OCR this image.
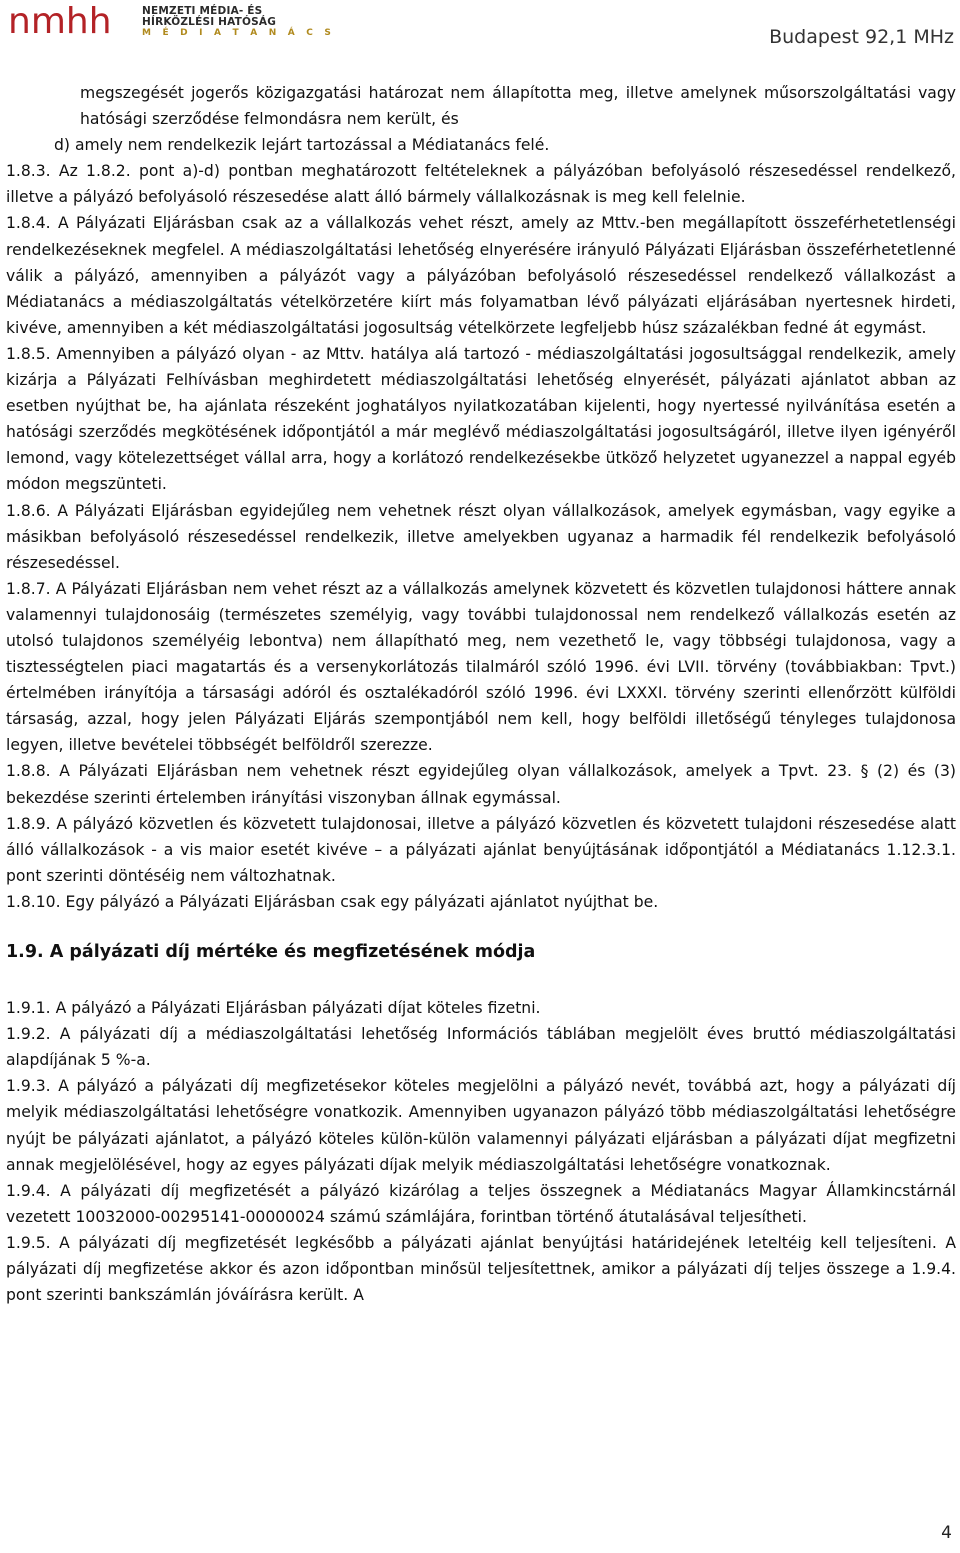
nmhh	NEMZETI MÉDIA- ÉS
HÍRKÖZLÉSI HATÓSÁG
M É D I A T A N Á C S	Budapest 92,1 MHz

megszegését jogerős közigazgatási határozat nem állapította meg, illetve amelynek műsorszolgáltatási vagy hatósági szerződése felmondásra nem került, és

d) amely nem rendelkezik lejárt tartozással a Médiatanács felé.

1.8.3. Az 1.8.2. pont a)-d) pontban meghatározott feltételeknek a pályázóban befolyásoló részesedéssel rendelkező, illetve a pályázó befolyásoló részesedése alatt álló bármely vállalkozásnak is meg kell felelnie.

1.8.4. A Pályázati Eljárásban csak az a vállalkozás vehet részt, amely az Mttv.-ben megállapított összeférhetetlenségi rendelkezéseknek megfelel. A médiaszolgáltatási lehetőség elnyerésére irányuló Pályázati Eljárásban összeférhetetlenné válik a pályázó, amennyiben a pályázót vagy a pályázóban befolyásoló részesedéssel rendelkező vállalkozást a Médiatanács a médiaszolgáltatás vételkörzetére kiírt más folyamatban lévő pályázati eljárásában nyertesnek hirdeti, kivéve, amennyiben a két médiaszolgáltatási jogosultság vételkörzete legfeljebb húsz százalékban fedné át egymást.

1.8.5. Amennyiben a pályázó olyan - az Mttv. hatálya alá tartozó - médiaszolgáltatási jogosultsággal rendelkezik, amely kizárja a Pályázati Felhívásban meghirdetett médiaszolgáltatási lehetőség elnyerését, pályázati ajánlatot abban az esetben nyújthat be, ha ajánlata részeként joghatályos nyilatkozatában kijelenti, hogy nyertessé nyilvánítása esetén a hatósági szerződés megkötésének időpontjától a már meglévő médiaszolgáltatási jogosultságáról, illetve ilyen igényéről lemond, vagy kötelezettséget vállal arra, hogy a korlátozó rendelkezésekbe ütköző helyzetet ugyanezzel a nappal egyéb módon megszünteti.

1.8.6. A Pályázati Eljárásban egyidejűleg nem vehetnek részt olyan vállalkozások, amelyek egymásban, vagy egyike a másikban befolyásoló részesedéssel rendelkezik, illetve amelyekben ugyanaz a harmadik fél rendelkezik befolyásoló részesedéssel.

1.8.7. A Pályázati Eljárásban nem vehet részt az a vállalkozás amelynek közvetett és közvetlen tulajdonosi háttere annak valamennyi tulajdonosáig (természetes személyig, vagy további tulajdonossal nem rendelkező vállalkozás esetén az utolsó tulajdonos személyéig lebontva) nem állapítható meg, nem vezethető le, vagy többségi tulajdonosa, vagy a tisztességtelen piaci magatartás és a versenykorlátozás tilalmáról szóló 1996. évi LVII. törvény (továbbiakban: Tpvt.) értelmében irányítója a társasági adóról és osztalékadóról szóló 1996. évi LXXXI. törvény szerinti ellenőrzött külföldi társaság, azzal, hogy jelen Pályázati Eljárás szempontjából nem kell, hogy belföldi illetőségű tényleges tulajdonosa legyen, illetve bevételei többségét belföldről szerezze.

1.8.8. A Pályázati Eljárásban nem vehetnek részt egyidejűleg olyan vállalkozások, amelyek a Tpvt. 23. § (2) és (3) bekezdése szerinti értelemben irányítási viszonyban állnak egymással.

1.8.9. A pályázó közvetlen és közvetett tulajdonosai, illetve a pályázó közvetlen és közvetett tulajdoni részesedése alatt álló vállalkozások - a vis maior esetét kivéve – a pályázati ajánlat benyújtásának időpontjától a Médiatanács 1.12.3.1. pont szerinti döntéséig nem változhatnak.

1.8.10. Egy pályázó a Pályázati Eljárásban csak egy pályázati ajánlatot nyújthat be.

1.9. A pályázati díj mértéke és megfizetésének módja

1.9.1. A pályázó a Pályázati Eljárásban pályázati díjat köteles fizetni.

1.9.2. A pályázati díj a médiaszolgáltatási lehetőség Információs táblában megjelölt éves bruttó médiaszolgáltatási alapdíjának 5 %-a.

1.9.3. A pályázó a pályázati díj megfizetésekor köteles megjelölni a pályázó nevét, továbbá azt, hogy a pályázati díj melyik médiaszolgáltatási lehetőségre vonatkozik. Amennyiben ugyanazon pályázó több médiaszolgáltatási lehetőségre nyújt be pályázati ajánlatot, a pályázó köteles külön-külön valamennyi pályázati eljárásban a pályázati díjat megfizetni annak megjelölésével, hogy az egyes pályázati díjak melyik médiaszolgáltatási lehetőségre vonatkoznak.

1.9.4. A pályázati díj megfizetését a pályázó kizárólag a teljes összegnek a Médiatanács Magyar Államkincstárnál vezetett 10032000-00295141-00000024 számú számlájára, forintban történő átutalásával teljesítheti.

1.9.5. A pályázati díj megfizetését legkésőbb a pályázati ajánlat benyújtási határidejének leteltéig kell teljesíteni. A pályázati díj megfizetése akkor és azon időpontban minősül teljesítettnek, amikor a pályázati díj teljes összege a 1.9.4. pont szerinti bankszámlán jóváírásra került. A

4
